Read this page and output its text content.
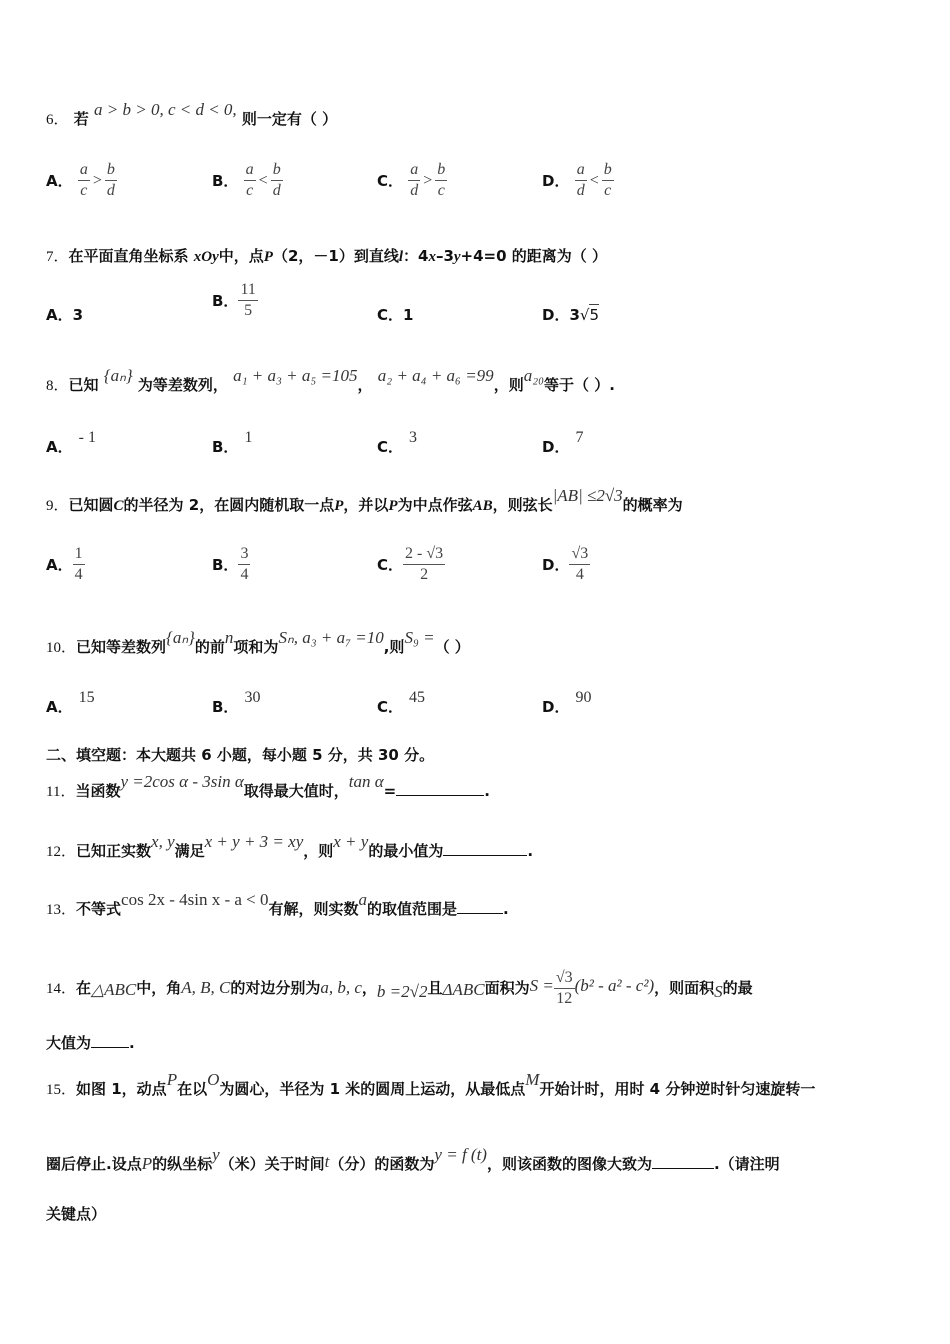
6． 若 a > b > 0, c < d < 0, 则一定有（ ）
A． $\frac{a}{c} > \frac{b}{d}$	B． $\frac{a}{c} < \frac{b}{d}$	C． $\frac{a}{d} > \frac{b}{c}$	D． $\frac{a}{d} < \frac{b}{c}$
7．在平面直角坐标系 xOy中，点P（2，－1）到直线l：4x–3y+4=0 的距离为（ ）
A．3
B． $\frac{11}{5}$	C．1	D．3√5
8．已知 {aₙ} 为等差数列， a₁ + a₃ + a₅ =105， a₂ + a₄ + a₆ =99，则a₂₀等于（ ）.
A．- 1
B．1
C．3
D．7
9．已知圆C的半径为 2，在圆内随机取一点P，并以P为中点作弦AB，则弦长|AB| ≤2√3的概率为
A． $\frac{1}{4}$	B． $\frac{3}{4}$	C． $\frac{2 - √3}{2}$	D． $\frac{√3}{4}$
10．已知等差数列{aₙ}的前n项和为Sₙ, a₃ + a₇ =10,则S₉ =（ ）
A．15
B．30
C．45
D．90
二、填空题：本大题共 6 小题，每小题 5 分，共 30 分。
11．当函数y =2cos α - 3sin α取得最大值时，tan α=	.
12．已知正实数x, y满足x + y + 3 = xy，则x + y的最小值为	.
13．不等式cos 2x - 4sin x - a < 0有解，则实数a的取值范围是	.
14．在△ABC中，角A, B, C的对边分别为a, b, c，b =2√2且ΔABC面积为$S = \frac{√3}{12} (b^2 - a^2 - c^2)$，则面积S的最
大值为	.
15．如图 1，动点P在以O为圆心，半径为 1 米的圆周上运动，从最低点M开始计时，用时 4 分钟逆时针匀速旋转一
圈后停止.设点P的纵坐标y（米）关于时间t（分）的函数为y = f (t)，则该函数的图像大致为	.（请注明
关键点）
